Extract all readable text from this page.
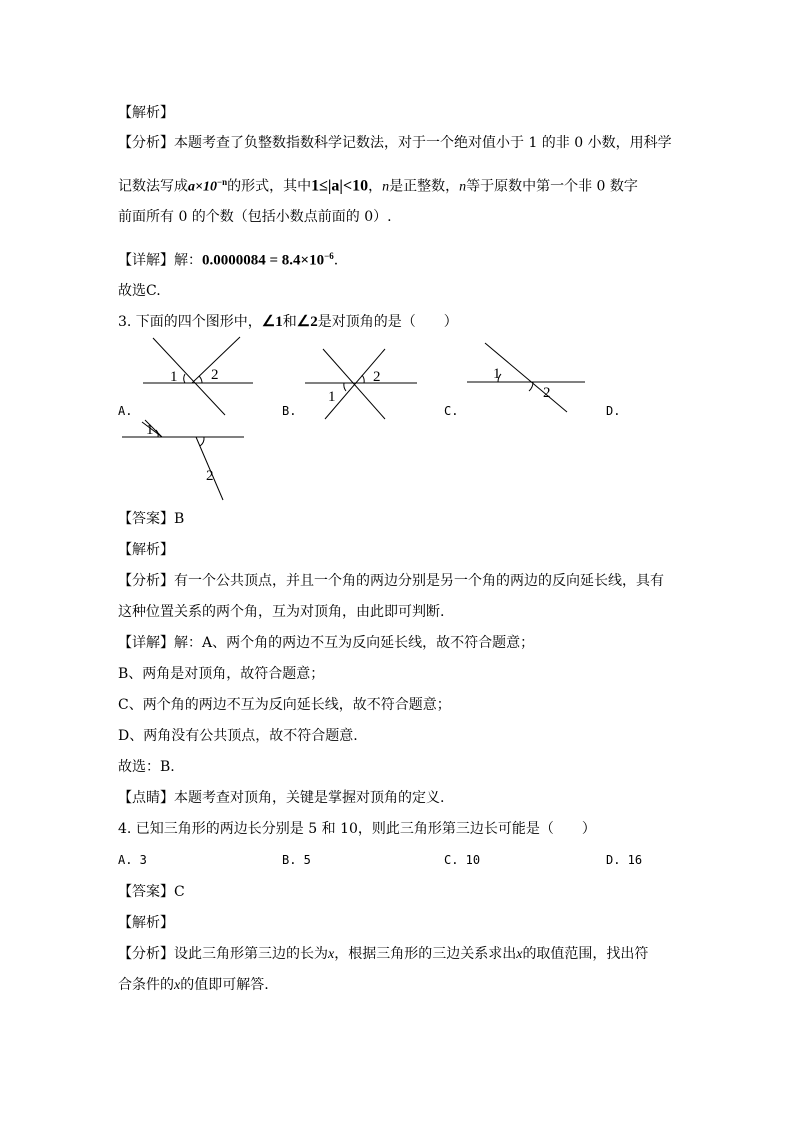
【解析】
【分析】本题考查了负整数指数科学记数法，对于一个绝对值小于 1 的非 0 小数，用科学
记数法写成$a\times 10^{-n}$的形式，其中1≤|a|<10，n是正整数，n等于原数中第一个非 0 数字
前面所有 0 的个数（包括小数点前面的 0）.
【详解】解：$0.0000084 = 8.4\times 10^{-6}$.
故选C.
3. 下面的四个图形中，∠1和∠2是对顶角的是（　　）
1 2
A.
2
1
B.
1
2
C.	D.
1
2
【答案】B
【解析】
【分析】有一个公共顶点，并且一个角的两边分别是另一个角的两边的反向延长线，具有
这种位置关系的两个角，互为对顶角，由此即可判断.
【详解】解：A、两个角的两边不互为反向延长线，故不符合题意；
B、两角是对顶角，故符合题意；
C、两个角的两边不互为反向延长线，故不符合题意；
D、两角没有公共顶点，故不符合题意.
故选：B.
【点睛】本题考查对顶角，关键是掌握对顶角的定义.
4. 已知三角形的两边长分别是 5 和 10，则此三角形第三边长可能是（　　）
A. 3	B. 5	C. 10	D. 16
【答案】C
【解析】
【分析】设此三角形第三边的长为x，根据三角形的三边关系求出x的取值范围，找出符
合条件的x的值即可解答.
